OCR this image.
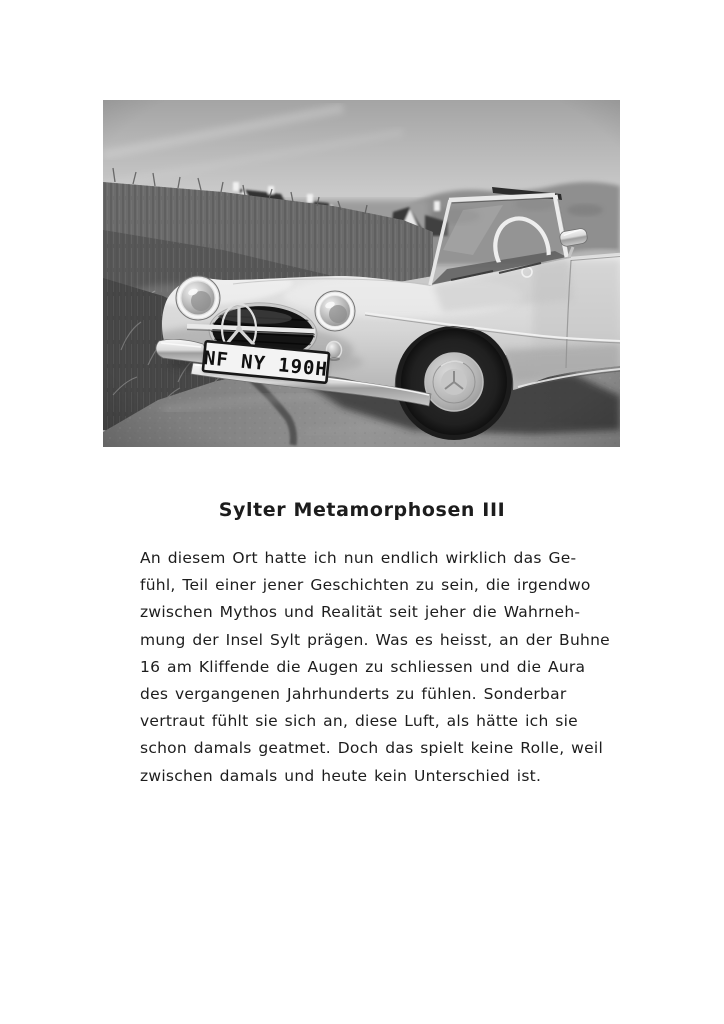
Sylter Metamorphosen III
An diesem Ort hatte ich nun endlich wirklich das Ge-
fühl, Teil einer jener Geschichten zu sein, die irgendwo
zwischen Mythos und Realität seit jeher die Wahrneh-
mung der Insel Sylt prägen. Was es heisst, an der Buhne
16 am Kliffende die Augen zu schliessen und die Aura
des vergangenen Jahrhunderts zu fühlen. Sonderbar
vertraut fühlt sie sich an, diese Luft, als hätte ich sie
schon damals geatmet. Doch das spielt keine Rolle, weil
zwischen damals und heute kein Unterschied ist.
